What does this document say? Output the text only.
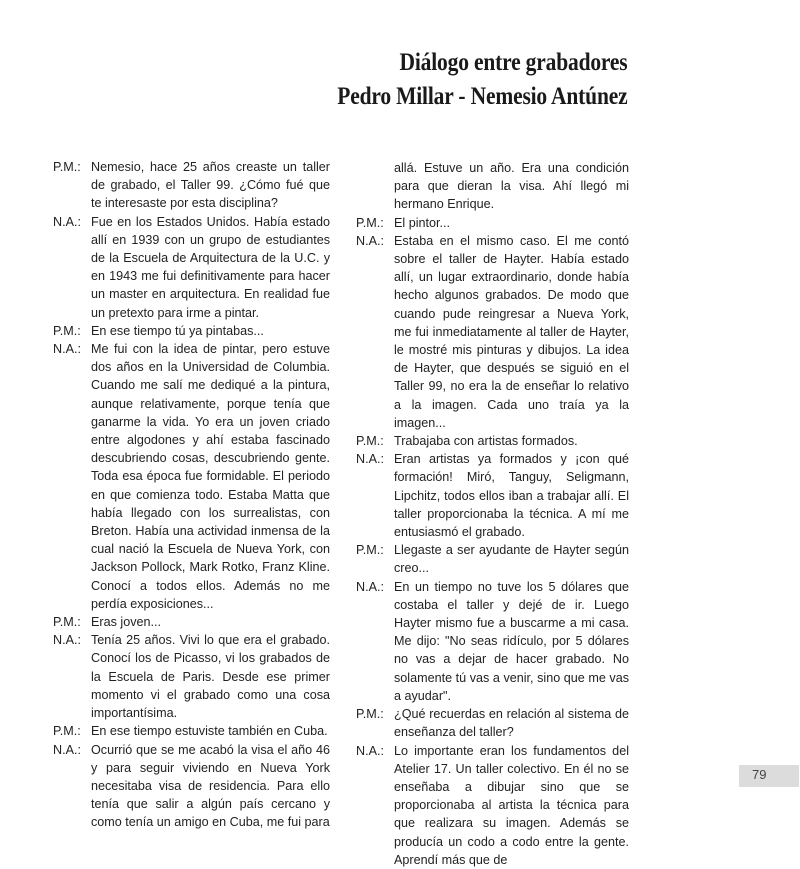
Diálogo entre grabadores
Pedro Millar - Nemesio Antúnez
P.M.: Nemesio, hace 25 años creaste un taller de grabado, el Taller 99. ¿Cómo fué que te interesaste por esta disciplina?
N.A.: Fue en los Estados Unidos. Había estado allí en 1939 con un grupo de estudiantes de la Escuela de Arquitectura de la U.C. y en 1943 me fui definitivamente para hacer un master en arquitectura. En realidad fue un pretexto para irme a pintar.
P.M.: En ese tiempo tú ya pintabas...
N.A.: Me fui con la idea de pintar, pero estuve dos años en la Universidad de Columbia. Cuando me salí me dediqué a la pintura, aunque relativamente, porque tenía que ganarme la vida. Yo era un joven criado entre algodones y ahí estaba fascinado descubriendo cosas, descubriendo gente. Toda esa época fue formidable. El periodo en que comienza todo. Estaba Matta que había llegado con los surrealistas, con Breton. Había una actividad inmensa de la cual nació la Escuela de Nueva York, con Jackson Pollock, Mark Rotko, Franz Kline. Conocí a todos ellos. Además no me perdía exposiciones...
P.M.: Eras joven...
N.A.: Tenía 25 años. Vivi lo que era el grabado. Conocí los de Picasso, vi los grabados de la Escuela de Paris. Desde ese primer momento vi el grabado como una cosa importantísima.
P.M.: En ese tiempo estuviste también en Cuba.
N.A.: Ocurrió que se me acabó la visa el año 46 y para seguir viviendo en Nueva York necesitaba visa de residencia. Para ello tenía que salir a algún país cercano y como tenía un amigo en Cuba, me fui para
allá. Estuve un año. Era una condición para que dieran la visa. Ahí llegó mi hermano Enrique.
P.M.: El pintor...
N.A.: Estaba en el mismo caso. El me contó sobre el taller de Hayter. Había estado allí, un lugar extraordinario, donde había hecho algunos grabados. De modo que cuando pude reingresar a Nueva York, me fui inmediatamente al taller de Hayter, le mostré mis pinturas y dibujos. La idea de Hayter, que después se siguió en el Taller 99, no era la de enseñar lo relativo a la imagen. Cada uno traía ya la imagen...
P.M.: Trabajaba con artistas formados.
N.A.: Eran artistas ya formados y ¡con qué formación! Miró, Tanguy, Seligmann, Lipchitz, todos ellos iban a trabajar allí. El taller proporcionaba la técnica. A mí me entusiasmó el grabado.
P.M.: Llegaste a ser ayudante de Hayter según creo...
N.A.: En un tiempo no tuve los 5 dólares que costaba el taller y dejé de ir. Luego Hayter mismo fue a buscarme a mi casa. Me dijo: "No seas ridículo, por 5 dólares no vas a dejar de hacer grabado. No solamente tú vas a venir, sino que me vas a ayudar".
P.M.: ¿Qué recuerdas en relación al sistema de enseñanza del taller?
N.A.: Lo importante eran los fundamentos del Atelier 17. Un taller colectivo. En él no se enseñaba a dibujar sino que se proporcionaba al artista la técnica para que realizara su imagen. Además se producía un codo a codo entre la gente. Aprendí más que de
79
